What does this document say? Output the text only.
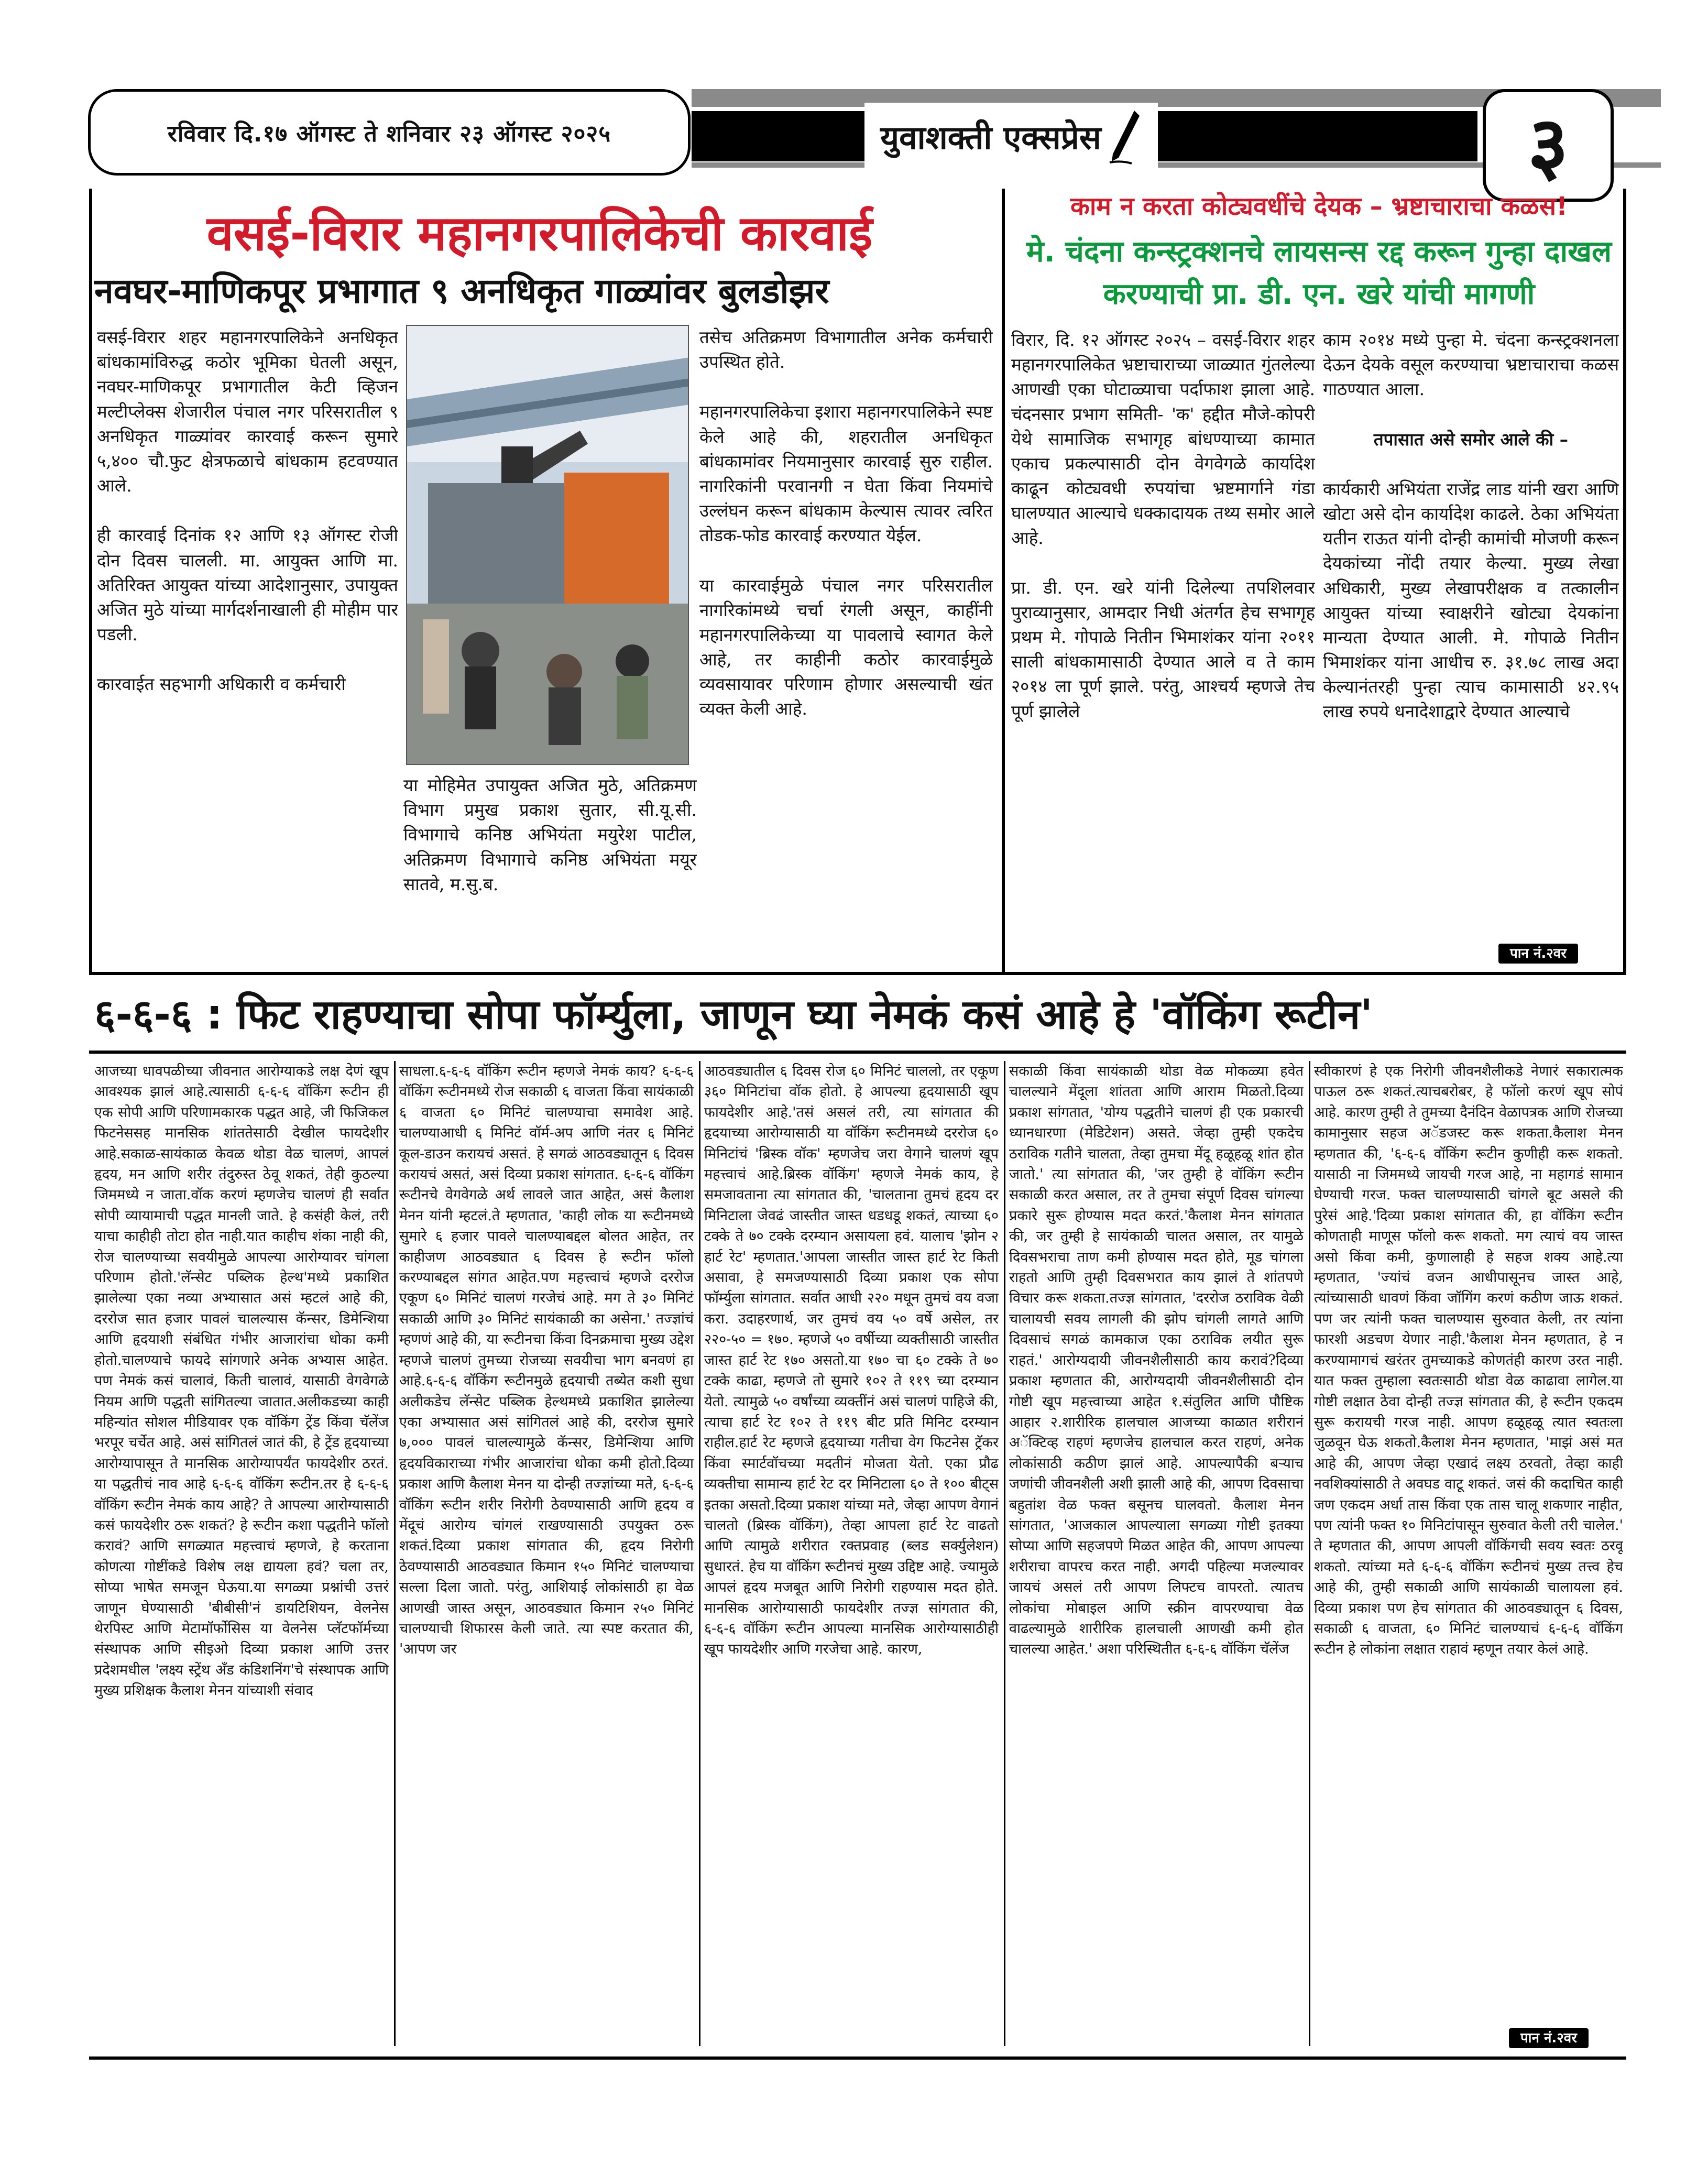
रविवार दि.१७ ऑगस्ट ते शनिवार २३ ऑगस्ट २०२५	युवाशक्ती एक्सप्रेस	३
वसई-विरार महानगरपालिकेची कारवाई
नवघर-माणिकपूर प्रभागात ९ अनधिकृत गाळ्यांवर बुलडोझर

वसई-विरार शहर महानगरपालिकेने अनधिकृत बांधकामांविरुद्ध कठोर भूमिका घेतली असून, नवघर-माणिकपूर प्रभागातील केटी व्हिजन मल्टीप्लेक्स शेजारील पंचाल नगर परिसरातील ९ अनधिकृत गाळ्यांवर कारवाई करून सुमारे ५,४०० चौ.फुट क्षेत्रफळाचे बांधकाम हटवण्यात आले.

ही कारवाई दिनांक १२ आणि १३ ऑगस्ट रोजी दोन दिवस चालली. मा. आयुक्त आणि मा. अतिरिक्त आयुक्त यांच्या आदेशानुसार, उपायुक्त अजित मुठे यांच्या मार्गदर्शनाखाली ही मोहीम पार पडली.

कारवाईत सहभागी अधिकारी व कर्मचारी

या मोहिमेत उपायुक्त अजित मुठे, अतिक्रमण विभाग प्रमुख प्रकाश सुतार, सी.यू.सी. विभागाचे कनिष्ठ अभियंता मयुरेश पाटील, अतिक्रमण विभागाचे कनिष्ठ अभियंता मयूर सातवे, म.सु.ब.

तसेच अतिक्रमण विभागातील अनेक कर्मचारी उपस्थित होते.

महानगरपालिकेचा इशारा महानगरपालिकेने स्पष्ट केले आहे की, शहरातील अनधिकृत बांधकामांवर नियमानुसार कारवाई सुरु राहील. नागरिकांनी परवानगी न घेता किंवा नियमांचे उल्लंघन करून बांधकाम केल्यास त्यावर त्वरित तोडक-फोड कारवाई करण्यात येईल.

या कारवाईमुळे पंचाल नगर परिसरातील नागरिकांमध्ये चर्चा रंगली असून, काहींनी महानगरपालिकेच्या या पावलाचे स्वागत केले आहे, तर काहीनी कठोर कारवाईमुळे व्यवसायावर परिणाम होणार असल्याची खंत व्यक्त केली आहे.

काम न करता कोट्यवधींचे देयक – भ्रष्टाचाराचा कळस!
मे. चंदना कन्स्ट्रक्शनचे लायसन्स रद्द करून गुन्हा दाखल करण्याची प्रा. डी. एन. खरे यांची मागणी

विरार, दि. १२ ऑगस्ट २०२५ – वसई-विरार शहर महानगरपालिकेत भ्रष्टाचाराच्या जाळ्यात गुंतलेल्या आणखी एका घोटाळ्याचा पर्दाफाश झाला आहे. चंदनसार प्रभाग समिती- 'क' हद्दीत मौजे-कोपरी येथे सामाजिक सभागृह बांधण्याच्या कामात एकाच प्रकल्पासाठी दोन वेगवेगळे कार्यादेश काढून कोट्यवधी रुपयांचा भ्रष्टमार्गाने गंडा घालण्यात आल्याचे धक्कादायक तथ्य समोर आले आहे.

प्रा. डी. एन. खरे यांनी दिलेल्या तपशिलवार पुराव्यानुसार, आमदार निधी अंतर्गत हेच सभागृह प्रथम मे. गोपाळे नितीन भिमाशंकर यांना २०११ साली बांधकामासाठी देण्यात आले व ते काम २०१४ ला पूर्ण झाले. परंतु, आश्चर्य म्हणजे तेच पूर्ण झालेले

काम २०१४ मध्ये पुन्हा मे. चंदना कन्स्ट्रक्शनला देऊन देयके वसूल करण्याचा भ्रष्टाचाराचा कळस गाठण्यात आला.

तपासात असे समोर आले की –

कार्यकारी अभियंता राजेंद्र लाड यांनी खरा आणि खोटा असे दोन कार्यादेश काढले. ठेका अभियंता यतीन राऊत यांनी दोन्ही कामांची मोजणी करून देयकांच्या नोंदी तयार केल्या. मुख्य लेखा अधिकारी, मुख्य लेखापरीक्षक व तत्कालीन आयुक्त यांच्या स्वाक्षरीने खोट्या देयकांना मान्यता देण्यात आली. मे. गोपाळे नितीन भिमाशंकर यांना आधीच रु. ३१.७८ लाख अदा केल्यानंतरही पुन्हा त्याच कामासाठी ४२.९५ लाख रुपये धनादेशाद्वारे देण्यात आल्याचे

पान नं.२वर
६-६-६ : फिट राहण्याचा सोपा फॉर्म्युला, जाणून घ्या नेमकं कसं आहे हे 'वॉकिंग रूटीन'
आजच्या धावपळीच्या जीवनात आरोग्याकडे लक्ष देणं खूप आवश्यक झालं आहे.त्यासाठी ६-६-६ वॉकिंग रूटीन ही एक सोपी आणि परिणामकारक पद्धत आहे, जी फिजिकल फिटनेससह मानसिक शांततेसाठी देखील फायदेशीर आहे.सकाळ-सायंकाळ केवळ थोडा वेळ चालणं, आपलं हृदय, मन आणि शरीर तंदुरुस्त ठेवू शकतं, तेही कुठल्या जिममध्ये न जाता.वॉक करणं म्हणजेच चालणं ही सर्वात सोपी व्यायामाची पद्धत मानली जाते. हे कसंही केलं, तरी याचा काहीही तोटा होत नाही.यात काहीच शंका नाही की, रोज चालण्याच्या सवयीमुळे आपल्या आरोग्यावर चांगला परिणाम होतो.'लॅन्सेट पब्लिक हेल्थ'मध्ये प्रकाशित झालेल्या एका नव्या अभ्यासात असं म्हटलं आहे की, दररोज सात हजार पावलं चालल्यास कॅन्सर, डिमेन्शिया आणि हृदयाशी संबंधित गंभीर आजारांचा धोका कमी होतो.चालण्याचे फायदे सांगणारे अनेक अभ्यास आहेत. पण नेमकं कसं चालावं, किती चालावं, यासाठी वेगवेगळे नियम आणि पद्धती सांगितल्या जातात.अलीकडच्या काही महिन्यांत सोशल मीडियावर एक वॉकिंग ट्रेंड किंवा चॅलेंज भरपूर चर्चेत आहे. असं सांगितलं जातं की, हे ट्रेंड हृदयाच्या आरोग्यापासून ते मानसिक आरोग्यापर्यंत फायदेशीर ठरतं. या पद्धतीचं नाव आहे ६-६-६ वॉकिंग रूटीन.तर हे ६-६-६ वॉकिंग रूटीन नेमकं काय आहे? ते आपल्या आरोग्यासाठी कसं फायदेशीर ठरू शकतं? हे रूटीन कशा पद्धतीने फॉलो करावं? आणि सगळ्यात महत्त्वाचं म्हणजे, हे करताना कोणत्या गोष्टींकडे विशेष लक्ष द्यायला हवं? चला तर, सोप्या भाषेत समजून घेऊया.या सगळ्या प्रश्नांची उत्तरं जाणून घेण्यासाठी 'बीबीसी'नं डायटिशियन, वेलनेस थेरपिस्ट आणि मेटामॉर्फोसिस या वेलनेस प्लॅटफॉर्मच्या संस्थापक आणि सीइओ दिव्या प्रकाश आणि उत्तर प्रदेशमधील 'लक्ष्य स्ट्रेंथ अँड कंडिशनिंग'चे संस्थापक आणि मुख्य प्रशिक्षक कैलाश मेनन यांच्याशी संवाद
साधला.६-६-६ वॉकिंग रूटीन म्हणजे नेमकं काय? ६-६-६ वॉकिंग रूटीनमध्ये रोज सकाळी ६ वाजता किंवा सायंकाळी ६ वाजता ६० मिनिटं चालण्याचा समावेश आहे. चालण्याआधी ६ मिनिटं वॉर्म-अप आणि नंतर ६ मिनिटं कूल-डाउन करायचं असतं. हे सगळं आठवड्यातून ६ दिवस करायचं असतं, असं दिव्या प्रकाश सांगतात. ६-६-६ वॉकिंग रूटीनचे वेगवेगळे अर्थ लावले जात आहेत, असं कैलाश मेनन यांनी म्हटलं.ते म्हणतात, 'काही लोक या रूटीनमध्ये सुमारे ६ हजार पावले चालण्याबद्दल बोलत आहेत, तर काहीजण आठवड्यात ६ दिवस हे रूटीन फॉलो करण्याबद्दल सांगत आहेत.पण महत्त्वाचं म्हणजे दररोज एकूण ६० मिनिटं चालणं गरजेचं आहे. मग ते ३० मिनिटं सकाळी आणि ३० मिनिटं सायंकाळी का असेना.' तज्ज्ञांचं म्हणणं आहे की, या रूटीनचा किंवा दिनक्रमाचा मुख्य उद्देश म्हणजे चालणं तुमच्या रोजच्या सवयीचा भाग बनवणं हा आहे.६-६-६ वॉकिंग रूटीनमुळे हृदयाची तब्येत कशी सुधा अलीकडेच लॅन्सेट पब्लिक हेल्थमध्ये प्रकाशित झालेल्या एका अभ्यासात असं सांगितलं आहे की, दररोज सुमारे ७,००० पावलं चालल्यामुळे कॅन्सर, डिमेन्शिया आणि हृदयविकाराच्या गंभीर आजारांचा धोका कमी होतो.दिव्या प्रकाश आणि कैलाश मेनन या दोन्ही तज्ज्ञांच्या मते, ६-६-६ वॉकिंग रूटीन शरीर निरोगी ठेवण्यासाठी आणि हृदय व मेंदूचं आरोग्य चांगलं राखण्यासाठी उपयुक्त ठरू शकतं.दिव्या प्रकाश सांगतात की, हृदय निरोगी ठेवण्यासाठी आठवड्यात किमान १५० मिनिटं चालण्याचा सल्ला दिला जातो. परंतु, आशियाई लोकांसाठी हा वेळ आणखी जास्त असून, आठवड्यात किमान २५० मिनिटं चालण्याची शिफारस केली जाते. त्या स्पष्ट करतात की, 'आपण जर
आठवड्यातील ६ दिवस रोज ६० मिनिटं चाललो, तर एकूण ३६० मिनिटांचा वॉक होतो. हे आपल्या हृदयासाठी खूप फायदेशीर आहे.'तसं असलं तरी, त्या सांगतात की हृदयाच्या आरोग्यासाठी या वॉकिंग रूटीनमध्ये दररोज ६० मिनिटांचं 'ब्रिस्क वॉक' म्हणजेच जरा वेगाने चालणं खूप महत्त्वाचं आहे.ब्रिस्क वॉकिंग' म्हणजे नेमकं काय, हे समजावताना त्या सांगतात की, 'चालताना तुमचं हृदय दर मिनिटाला जेवढं जास्तीत जास्त धडधडू शकतं, त्याच्या ६० टक्के ते ७० टक्के दरम्यान असायला हवं. यालाच 'झोन २ हार्ट रेट' म्हणतात.'आपला जास्तीत जास्त हार्ट रेट किती असावा, हे समजण्यासाठी दिव्या प्रकाश एक सोपा फॉर्म्युला सांगतात. सर्वात आधी २२० मधून तुमचं वय वजा करा. उदाहरणार्थ, जर तुमचं वय ५० वर्षे असेल, तर २२०-५० = १७०. म्हणजे ५० वर्षीच्या व्यक्तीसाठी जास्तीत जास्त हार्ट रेट १७० असतो.या १७० चा ६० टक्के ते ७० टक्के काढा, म्हणजे तो सुमारे १०२ ते ११९ च्या दरम्यान येतो. त्यामुळे ५० वर्षांच्या व्यक्तींनं असं चालणं पाहिजे की, त्याचा हार्ट रेट १०२ ते ११९ बीट प्रति मिनिट दरम्यान राहील.हार्ट रेट म्हणजे हृदयाच्या गतीचा वेग फिटनेस ट्रॅकर किंवा स्मार्टवॉचच्या मदतीनं मोजता येतो. एका प्रौढ व्यक्तीचा सामान्य हार्ट रेट दर मिनिटाला ६० ते १०० बीट्स इतका असतो.दिव्या प्रकाश यांच्या मते, जेव्हा आपण वेगानं चालतो (ब्रिस्क वॉकिंग), तेव्हा आपला हार्ट रेट वाढतो आणि त्यामुळे शरीरात रक्तप्रवाह (ब्लड सर्क्युलेशन) सुधारतं. हेच या वॉकिंग रूटीनचं मुख्य उद्दिष्ट आहे. ज्यामुळे आपलं हृदय मजबूत आणि निरोगी राहण्यास मदत होते. मानसिक आरोग्यासाठी फायदेशीर तज्ज्ञ सांगतात की, ६-६-६ वॉकिंग रूटीन आपल्या मानसिक आरोग्यासाठीही खूप फायदेशीर आणि गरजेचा आहे. कारण,
सकाळी किंवा सायंकाळी थोडा वेळ मोकळ्या हवेत चालल्याने मेंदूला शांतता आणि आराम मिळतो.दिव्या प्रकाश सांगतात, 'योग्य पद्धतीने चालणं ही एक प्रकारची ध्यानधारणा (मेडिटेशन) असते. जेव्हा तुम्ही एकदेच ठराविक गतीने चालता, तेव्हा तुमचा मेंदू हळूहळू शांत होत जातो.' त्या सांगतात की, 'जर तुम्ही हे वॉकिंग रूटीन सकाळी करत असाल, तर ते तुमचा संपूर्ण दिवस चांगल्या प्रकारे सुरू होण्यास मदत करतं.'कैलाश मेनन सांगतात की, जर तुम्ही हे सायंकाळी चालत असाल, तर यामुळे दिवसभराचा ताण कमी होण्यास मदत होते, मूड चांगला राहतो आणि तुम्ही दिवसभरात काय झालं ते शांतपणे विचार करू शकता.तज्ज्ञ सांगतात, 'दररोज ठराविक वेळी चालायची सवय लागली की झोप चांगली लागते आणि दिवसाचं सगळं कामकाज एका ठराविक लयीत सुरू राहतं.' आरोग्यदायी जीवनशैलीसाठी काय करावं?दिव्या प्रकाश म्हणतात की, आरोग्यदायी जीवनशैलीसाठी दोन गोष्टी खूप महत्त्वाच्या आहेत १.संतुलित आणि पौष्टिक आहार २.शारीरिक हालचाल आजच्या काळात शरीरानं अॅक्टिव्ह राहणं म्हणजेच हालचाल करत राहणं, अनेक लोकांसाठी कठीण झालं आहे. आपल्यापैकी बऱ्याच जणांची जीवनशैली अशी झाली आहे की, आपण दिवसाचा बहुतांश वेळ फक्त बसूनच घालवतो. कैलाश मेनन सांगतात, 'आजकाल आपल्याला सगळ्या गोष्टी इतक्या सोप्या आणि सहजपणे मिळत आहेत की, आपण आपल्या शरीराचा वापरच करत नाही. अगदी पहिल्या मजल्यावर जायचं असलं तरी आपण लिफ्टच वापरतो. त्यातच लोकांचा मोबाइल आणि स्क्रीन वापरण्याचा वेळ वाढल्यामुळे शारीरिक हालचाली आणखी कमी होत चालल्या आहेत.' अशा परिस्थितीत ६-६-६ वॉकिंग चॅलेंज
स्वीकारणं हे एक निरोगी जीवनशैलीकडे नेणारं सकारात्मक पाऊल ठरू शकतं.त्याचबरोबर, हे फॉलो करणं खूप सोपं आहे. कारण तुम्ही ते तुमच्या दैनंदिन वेळापत्रक आणि रोजच्या कामानुसार सहज अॅडजस्ट करू शकता.कैलाश मेनन म्हणतात की, '६-६-६ वॉकिंग रूटीन कुणीही करू शकतो. यासाठी ना जिममध्ये जायची गरज आहे, ना महागडं सामान घेण्याची गरज. फक्त चालण्यासाठी चांगले बूट असले की पुरेसं आहे.'दिव्या प्रकाश सांगतात की, हा वॉकिंग रूटीन कोणताही माणूस फॉलो करू शकतो. मग त्याचं वय जास्त असो किंवा कमी, कुणालाही हे सहज शक्य आहे.त्या म्हणतात, 'ज्यांचं वजन आधीपासूनच जास्त आहे, त्यांच्यासाठी धावणं किंवा जॉगिंग करणं कठीण जाऊ शकतं. पण जर त्यांनी फक्त चालण्यास सुरुवात केली, तर त्यांना फारशी अडचण येणार नाही.'कैलाश मेनन म्हणतात, हे न करण्यामागचं खरंतर तुमच्याकडे कोणतंही कारण उरत नाही. यात फक्त तुम्हाला स्वतःसाठी थोडा वेळ काढावा लागेल.या गोष्टी लक्षात ठेवा दोन्ही तज्ज्ञ सांगतात की, हे रूटीन एकदम सुरू करायची गरज नाही. आपण हळूहळू त्यात स्वतःला जुळवून घेऊ शकतो.कैलाश मेनन म्हणतात, 'माझं असं मत आहे की, आपण जेव्हा एखादं लक्ष्य ठरवतो, तेव्हा काही नवशिक्यांसाठी ते अवघड वाटू शकतं. जसं की कदाचित काही जण एकदम अर्धा तास किंवा एक तास चालू शकणार नाहीत, पण त्यांनी फक्त १० मिनिटांपासून सुरुवात केली तरी चालेल.' ते म्हणतात की, आपण आपली वॉकिंगची सवय स्वतः ठरवू शकतो. त्यांच्या मते ६-६-६ वॉकिंग रूटीनचं मुख्य तत्त्व हेच आहे की, तुम्ही सकाळी आणि सायंकाळी चालायला हवं. दिव्या प्रकाश पण हेच सांगतात की आठवड्यातून ६ दिवस, सकाळी ६ वाजता, ६० मिनिटं चालण्याचं ६-६-६ वॉकिंग रूटीन हे लोकांना लक्षात राहावं म्हणून तयार केलं आहे.
पान नं.२वर
